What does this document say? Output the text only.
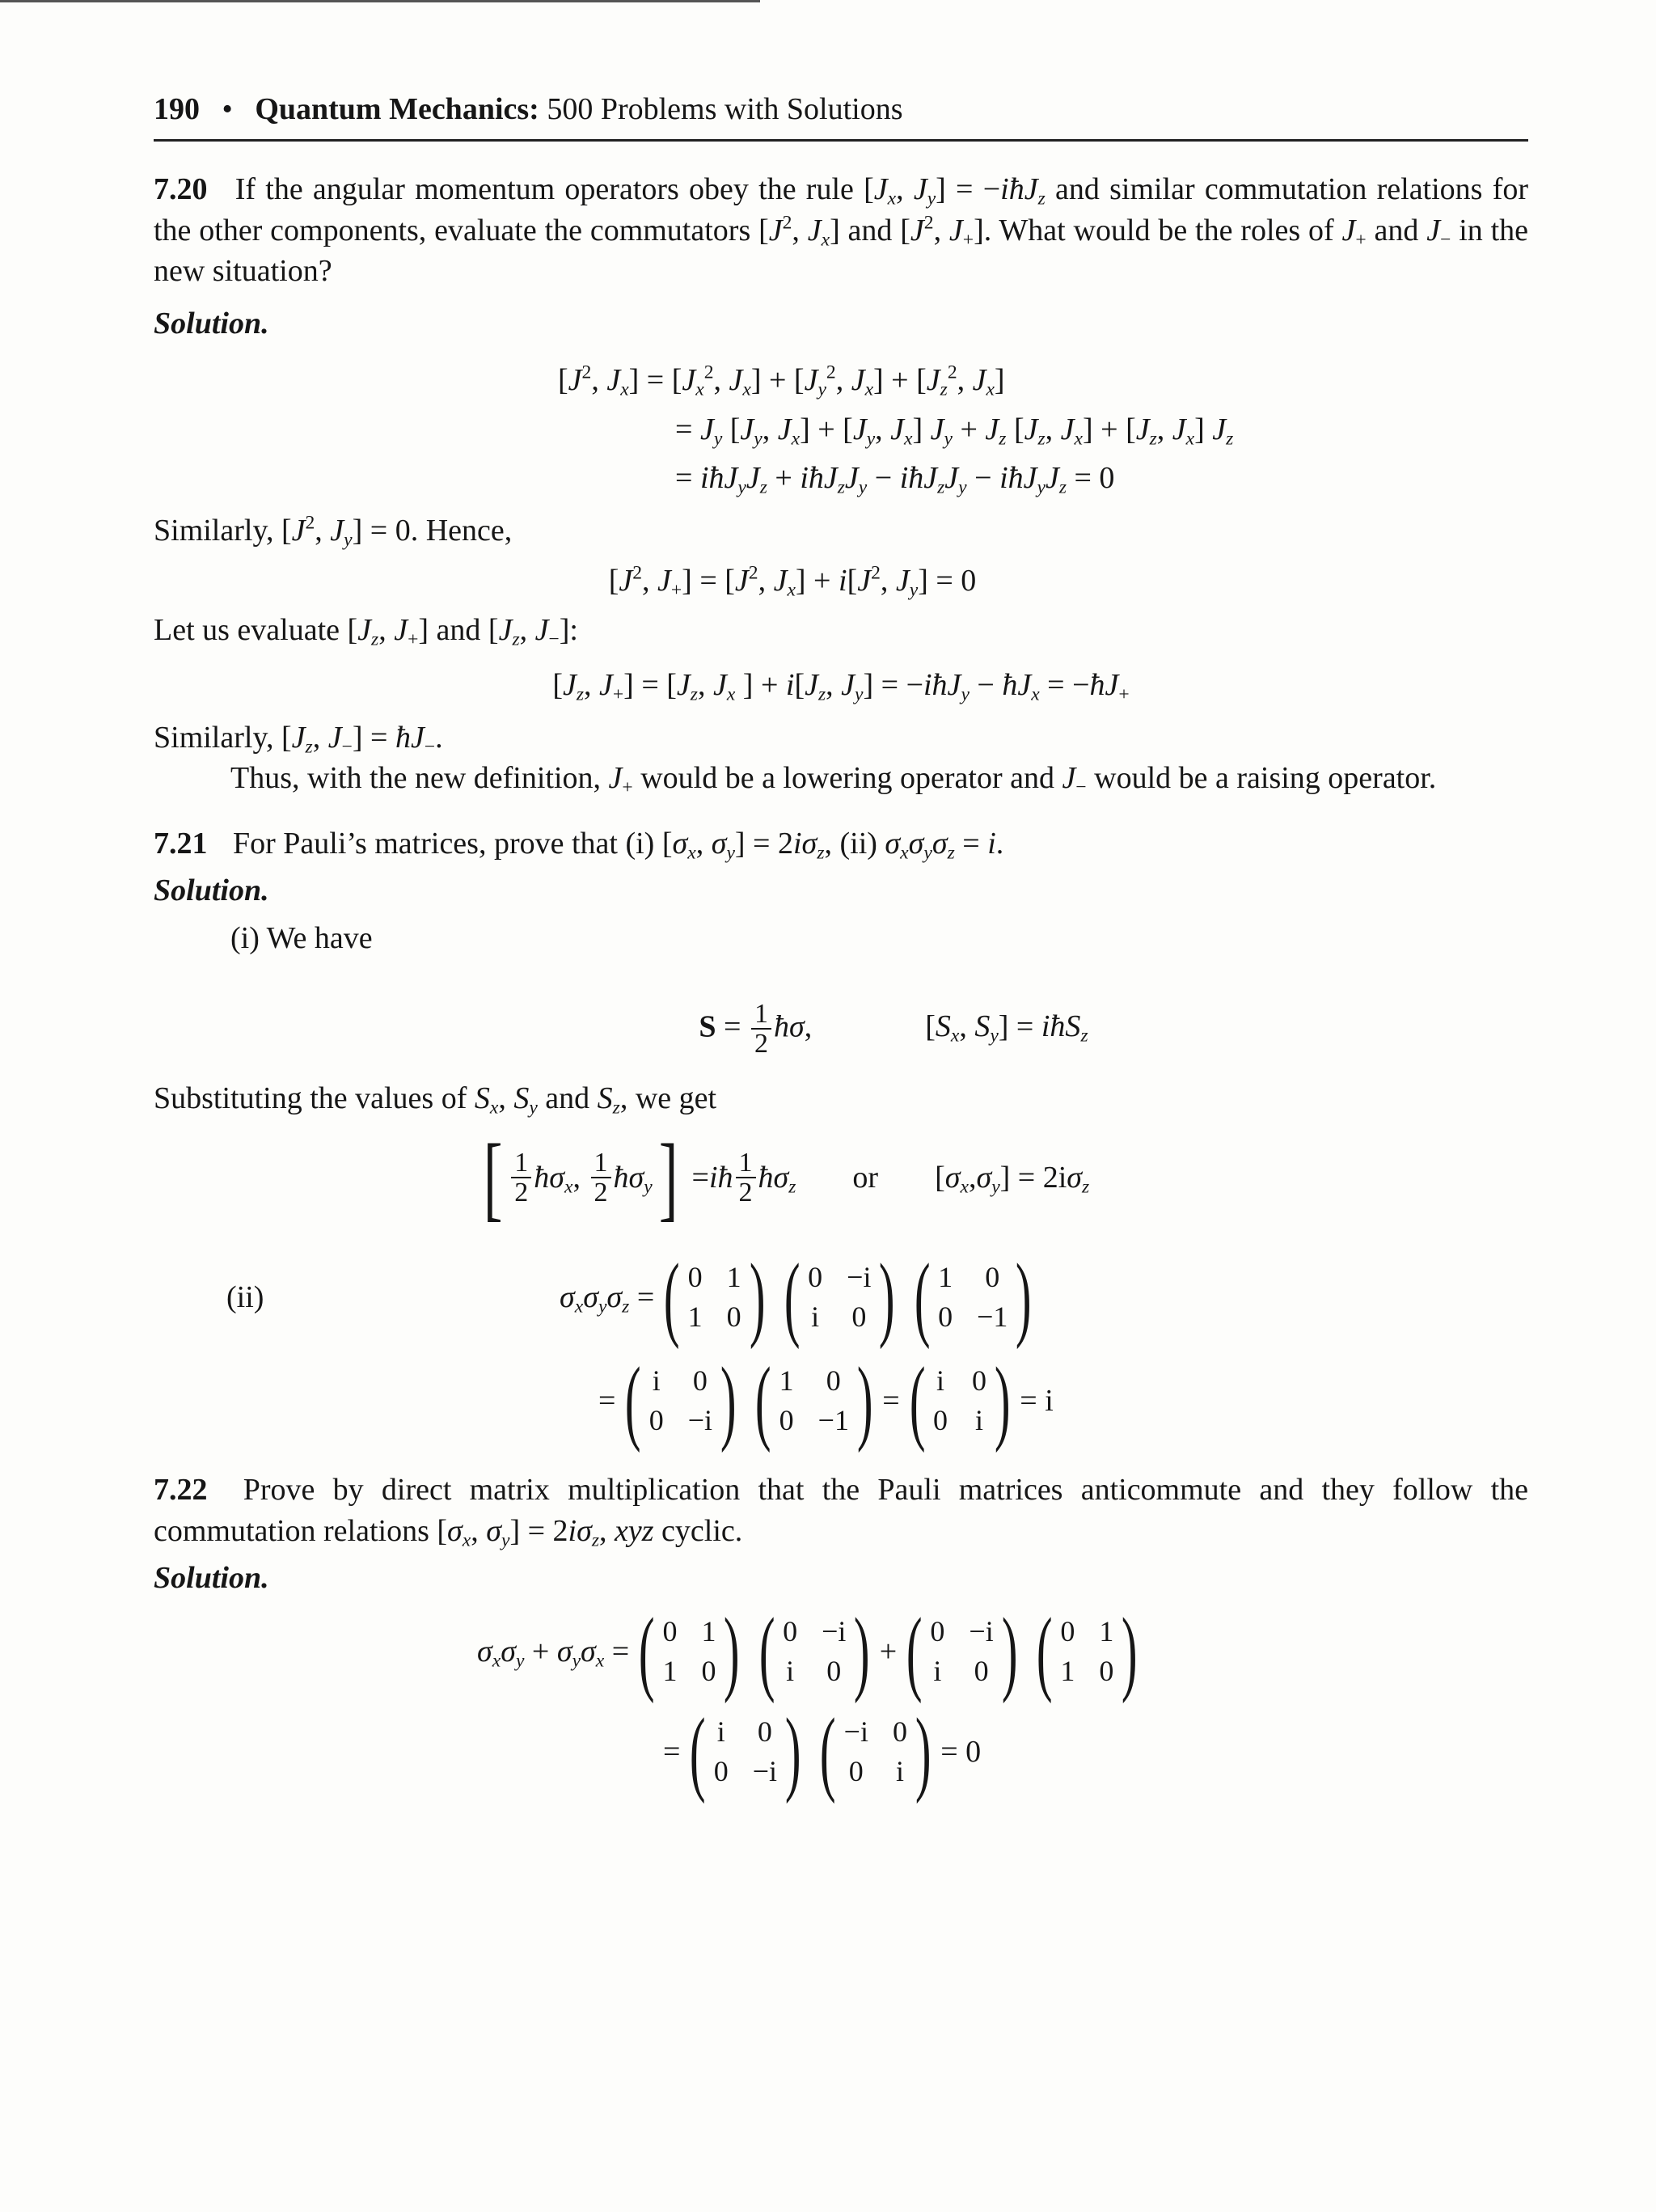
190 • Quantum Mechanics: 500 Problems with Solutions

7.20 If the angular momentum operators obey the rule [$J_x$, $J_y$] = −iħJ$_z$ and similar commutation relations for the other components, evaluate the commutators [$J^2$, $J_x$] and [$J^2$, $J_+$]. What would be the roles of $J_+$ and $J_-$ in the new situation?

Solution.
[$J^2$, $J_x] = [J_x^2$, $J_x] + [J_y^2$, $J_x] + [J_z^2$, $J_x$]
= $J_y$ [$J_y$, $J_x] + [J_y$, $J_x$] $J_y + J_z$ [$J_z$, $J_x] + [J_z$, $J_x$] $J_z$
= $iħJ_yJ_z$ + $iħJ_zJ_y$ − $iħJ_zJ_y$ − $iħJ_yJ_z = 0$

Similarly, [$J^2$, $J_y] = 0$. Hence,

[$J^2$, $J_+] = [J^2$, $J_x] + i[J^2$, $J_y] = 0$

Let us evaluate [$J_z$, $J_+$] and [$J_z$, $J_-$]:

[$J_z$, $J_+] = [J_z$, $J_x$ ] + $i[J_z$, $J_y$] = −iħJ$_y$ − $ħJ_x$ = $-ħJ_+$

Similarly, [$J_z$, $J_-$] = $ħJ_-$.

Thus, with the new definition, $J_+$ would be a lowering operator and $J_-$ would be a raising operator.

7.21 For Pauli’s matrices, prove that (i) [$\sigma_x$, $\sigma_y] = 2i\sigma_z$, (ii) $\sigma_x\sigma_y\sigma_z = i$.

Solution.

(i) We have

$S = \frac{1}{2}$ ħσ,	[$S_x$, $S_y$] = iħS$_z$

Substituting the values of $S_x$, $S_y$ and $S_z$, we get

[ $\frac{1}{2}$ $ħ\sigma_x$ , $\frac{1}{2}$ $ħ\sigma_y$ ] = iħ $\frac{1}{2}$ $ħ\sigma_z$ or [ $\sigma_x$ , $\sigma_y$ ] = 2i $\sigma_z$
(ii)	$\sigma_x\sigma_y\sigma_z$ = ( 0 1
1 0 ) ( 0 −i
i 0 ) ( 1 0
0 −1 )
= ( i 0
0 −i ) ( 1 0
0 −1 ) = ( i 0
0 i ) = i

7.22 Prove by direct matrix multiplication that the Pauli matrices anticommute and they follow the commutation relations [$\sigma_x$, $\sigma_y] = 2i\sigma_z$, xyz cyclic.

Solution.
$\sigma_x\sigma_y + \sigma_y\sigma_x$ = ( 0 1
1 0 ) ( 0 −i
i 0 ) + ( 0 −i
i 0 ) ( 0 1
1 0 )
= ( i 0
0 −i ) ( −i 0
0 i ) = 0
